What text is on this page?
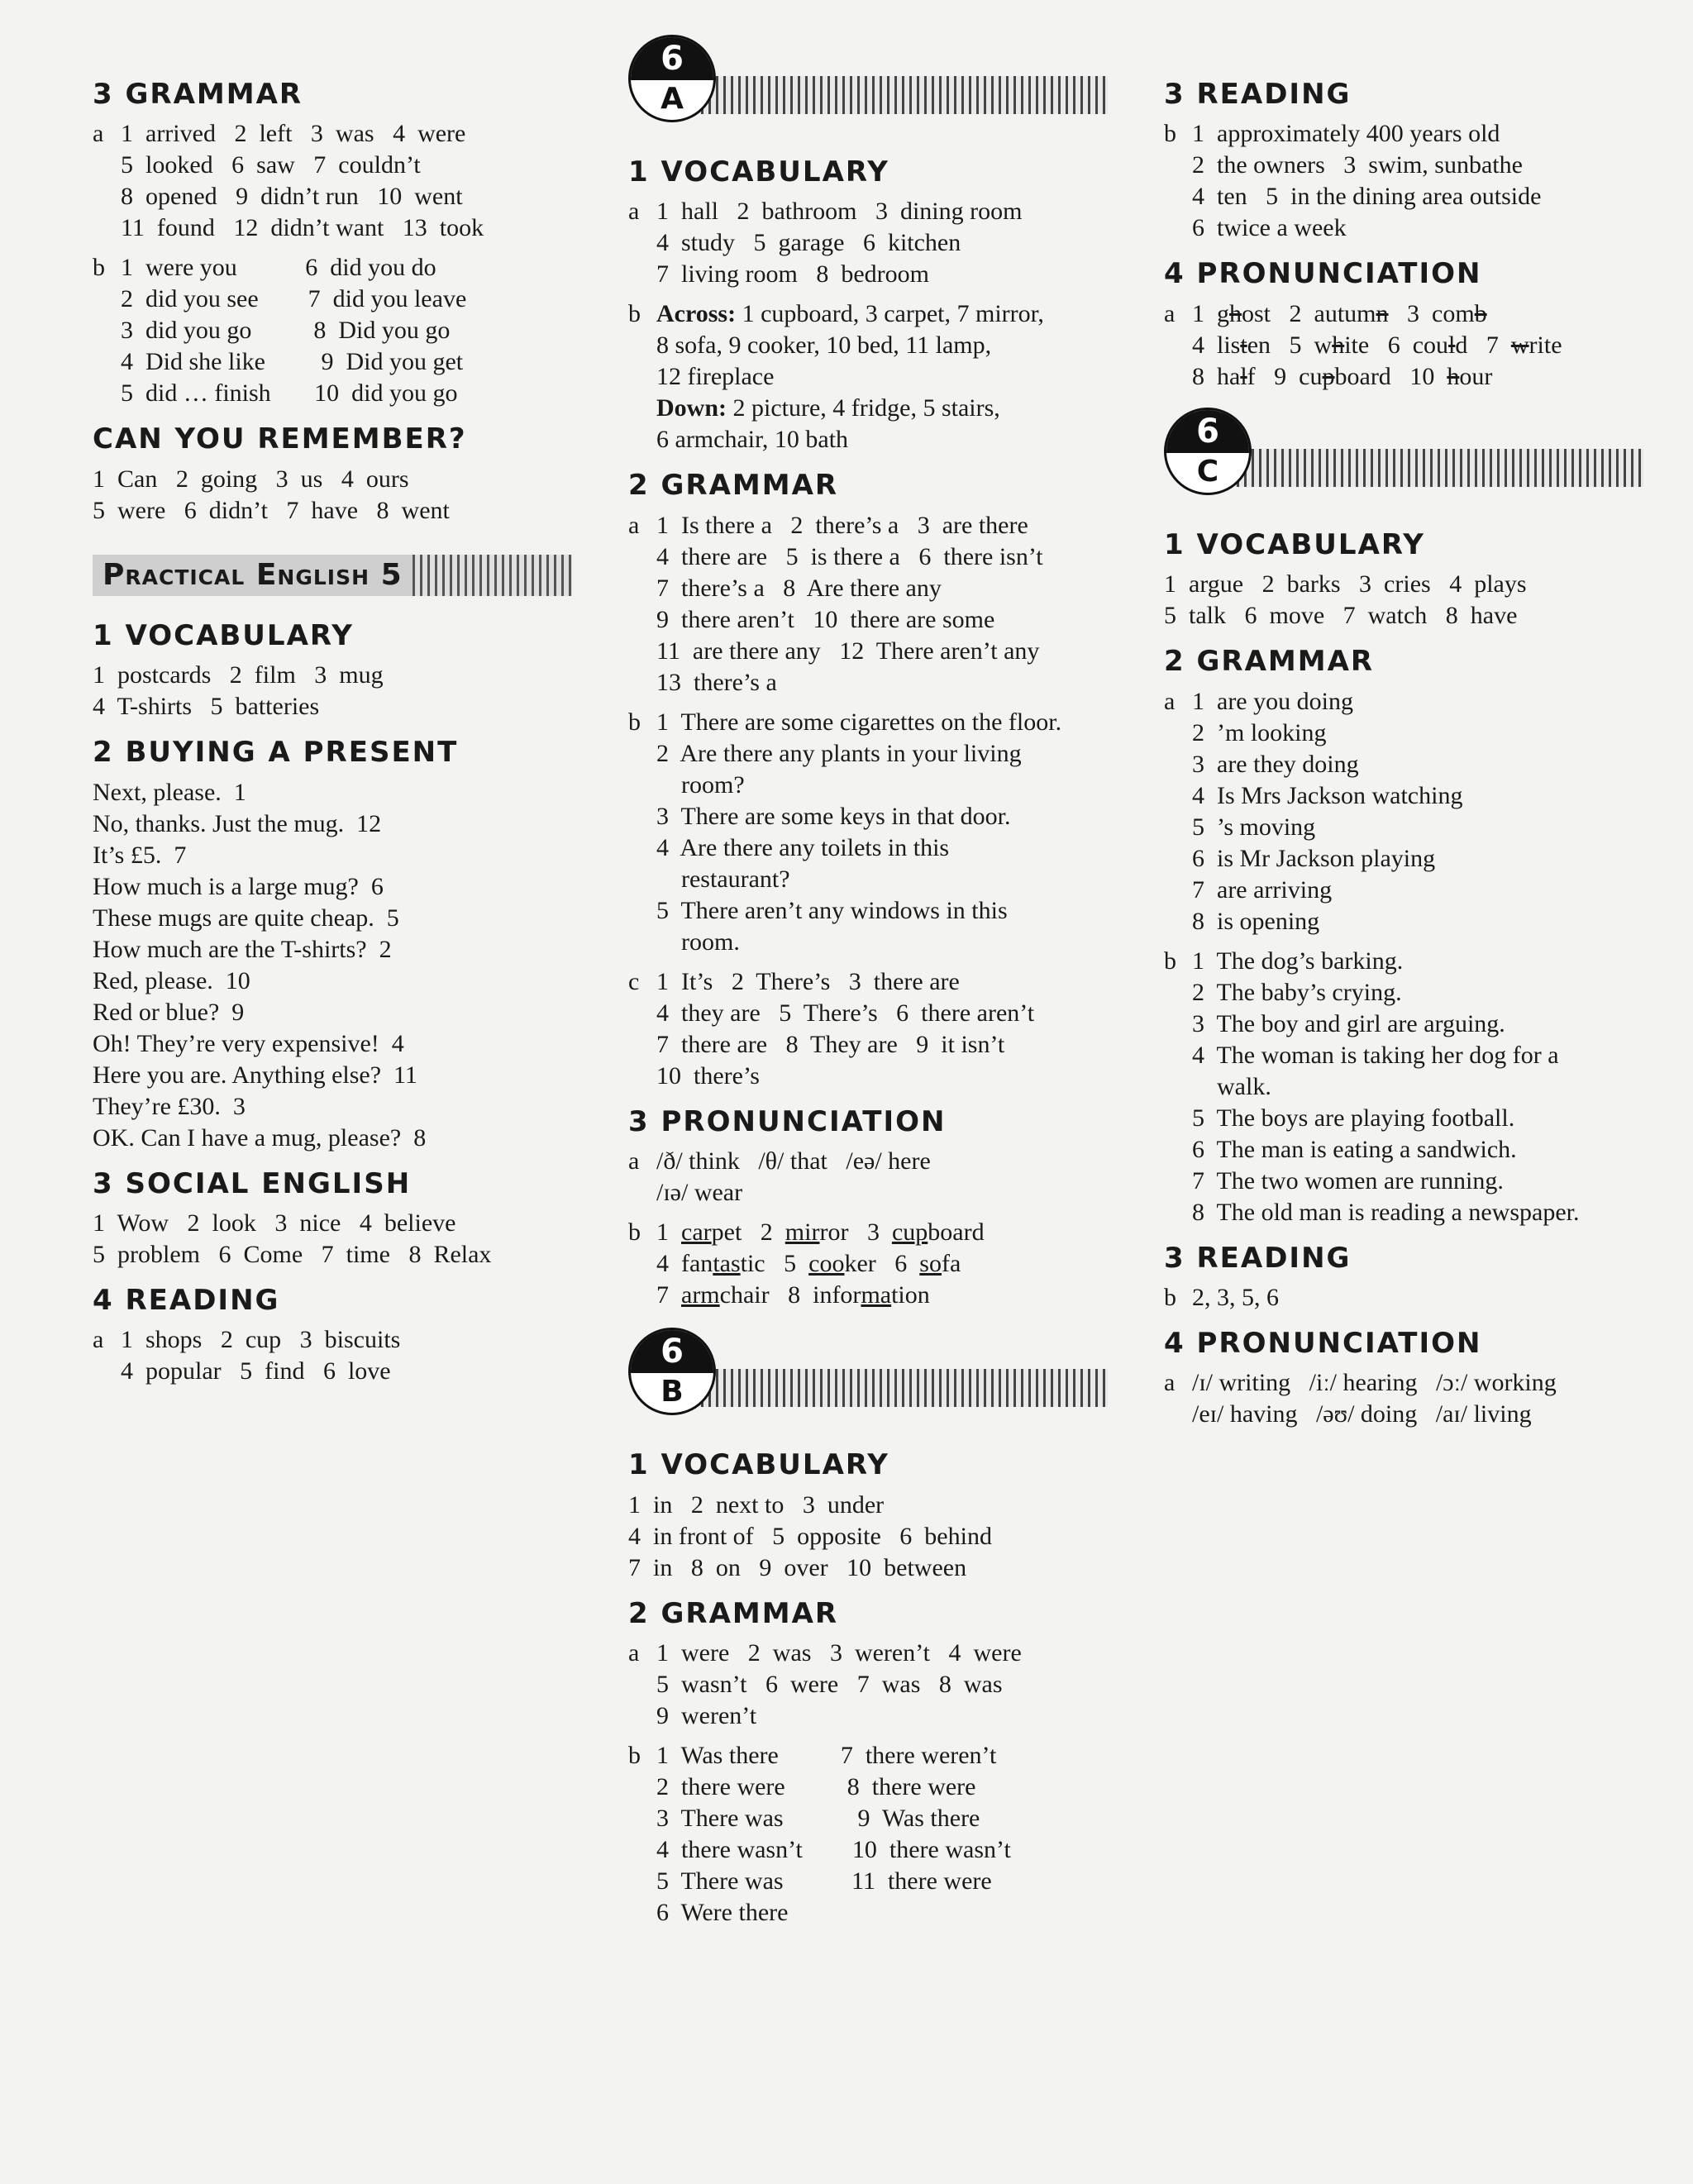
3 GRAMMAR
a 1  arrived   2  left   3  was   4  were
5  looked   6  saw   7  couldn’t
8  opened   9  didn’t run   10  went
11  found   12  didn’t want   13  took
b 1  were you           6  did you do
2  did you see        7  did you leave
3  did you go          8  Did you go
4  Did she like         9  Did you get
5  did … finish       10  did you go
CAN YOU REMEMBER?
1  Can   2  going   3  us   4  ours
5  were   6  didn’t   7  have   8  went
Practical English 5
1 VOCABULARY
1  postcards   2  film   3  mug
4  T-shirts   5  batteries
2 BUYING A PRESENT
Next, please.  1
No, thanks. Just the mug.  12
It’s £5.  7
How much is a large mug?  6
These mugs are quite cheap.  5
How much are the T-shirts?  2
Red, please.  10
Red or blue?  9
Oh! They’re very expensive!  4
Here you are. Anything else?  11
They’re £30.  3
OK. Can I have a mug, please?  8
3 SOCIAL ENGLISH
1  Wow   2  look   3  nice   4  believe
5  problem   6  Come   7  time   8  Relax
4 READING
a 1  shops   2  cup   3  biscuits
4  popular   5  find   6  love
6
A
1 VOCABULARY
a 1  hall   2  bathroom   3  dining room
4  study   5  garage   6  kitchen
7  living room   8  bedroom
b Across: 1 cupboard, 3 carpet, 7 mirror,
8 sofa, 9 cooker, 10 bed, 11 lamp,
12 fireplace
Down: 2 picture, 4 fridge, 5 stairs,
6 armchair, 10 bath
2 GRAMMAR
a 1  Is there a   2  there’s a   3  are there
4  there are   5  is there a   6  there isn’t
7  there’s a   8  Are there any
9  there aren’t   10  there are some
11  are there any   12  There aren’t any
13  there’s a
b 1  There are some cigarettes on the floor.
2  Are there any plants in your living
room?
3  There are some keys in that door.
4  Are there any toilets in this
restaurant?
5  There aren’t any windows in this
room.
c 1  It’s   2  There’s   3  there are
4  they are   5  There’s   6  there aren’t
7  there are   8  They are   9  it isn’t
10  there’s
3 PRONUNCIATION
a /ð/ think   /θ/ that   /eə/ here
/ɪə/ wear
b 1 carpet 2 mirror 3 cupboard
4 fantastic 5 cooker 6 sofa
7 armchair 8 information
6
B
1 VOCABULARY
1  in   2  next to   3  under
4  in front of   5  opposite   6  behind
7  in   8  on   9  over   10  between
2 GRAMMAR
a 1  were   2  was   3  weren’t   4  were
5  wasn’t   6  were   7  was   8  was
9  weren’t
b 1  Was there          7  there weren’t
2  there were          8  there were
3  There was            9  Was there
4  there wasn’t        10  there wasn’t
5  There was           11  there were
6  Were there
3 READING
b 1  approximately 400 years old
2  the owners   3  swim, sunbathe
4  ten   5  in the dining area outside
6  twice a week
4 PRONUNCIATION
a 1 ghost 2 autumn 3 comb
4 listen 5 white 6 could 7 write
8 half 9 cupboard 10 hour
6
C
1 VOCABULARY
1  argue   2  barks   3  cries   4  plays
5  talk   6  move   7  watch   8  have
2 GRAMMAR
a 1  are you doing
2  ’m looking
3  are they doing
4  Is Mrs Jackson watching
5  ’s moving
6  is Mr Jackson playing
7  are arriving
8  is opening
b 1  The dog’s barking.
2  The baby’s crying.
3  The boy and girl are arguing.
4  The woman is taking her dog for a
walk.
5  The boys are playing football.
6  The man is eating a sandwich.
7  The two women are running.
8  The old man is reading a newspaper.
3 READING
b 2, 3, 5, 6
4 PRONUNCIATION
a /ɪ/ writing   /iː/ hearing   /ɔː/ working
/eɪ/ having   /əʊ/ doing   /aɪ/ living
